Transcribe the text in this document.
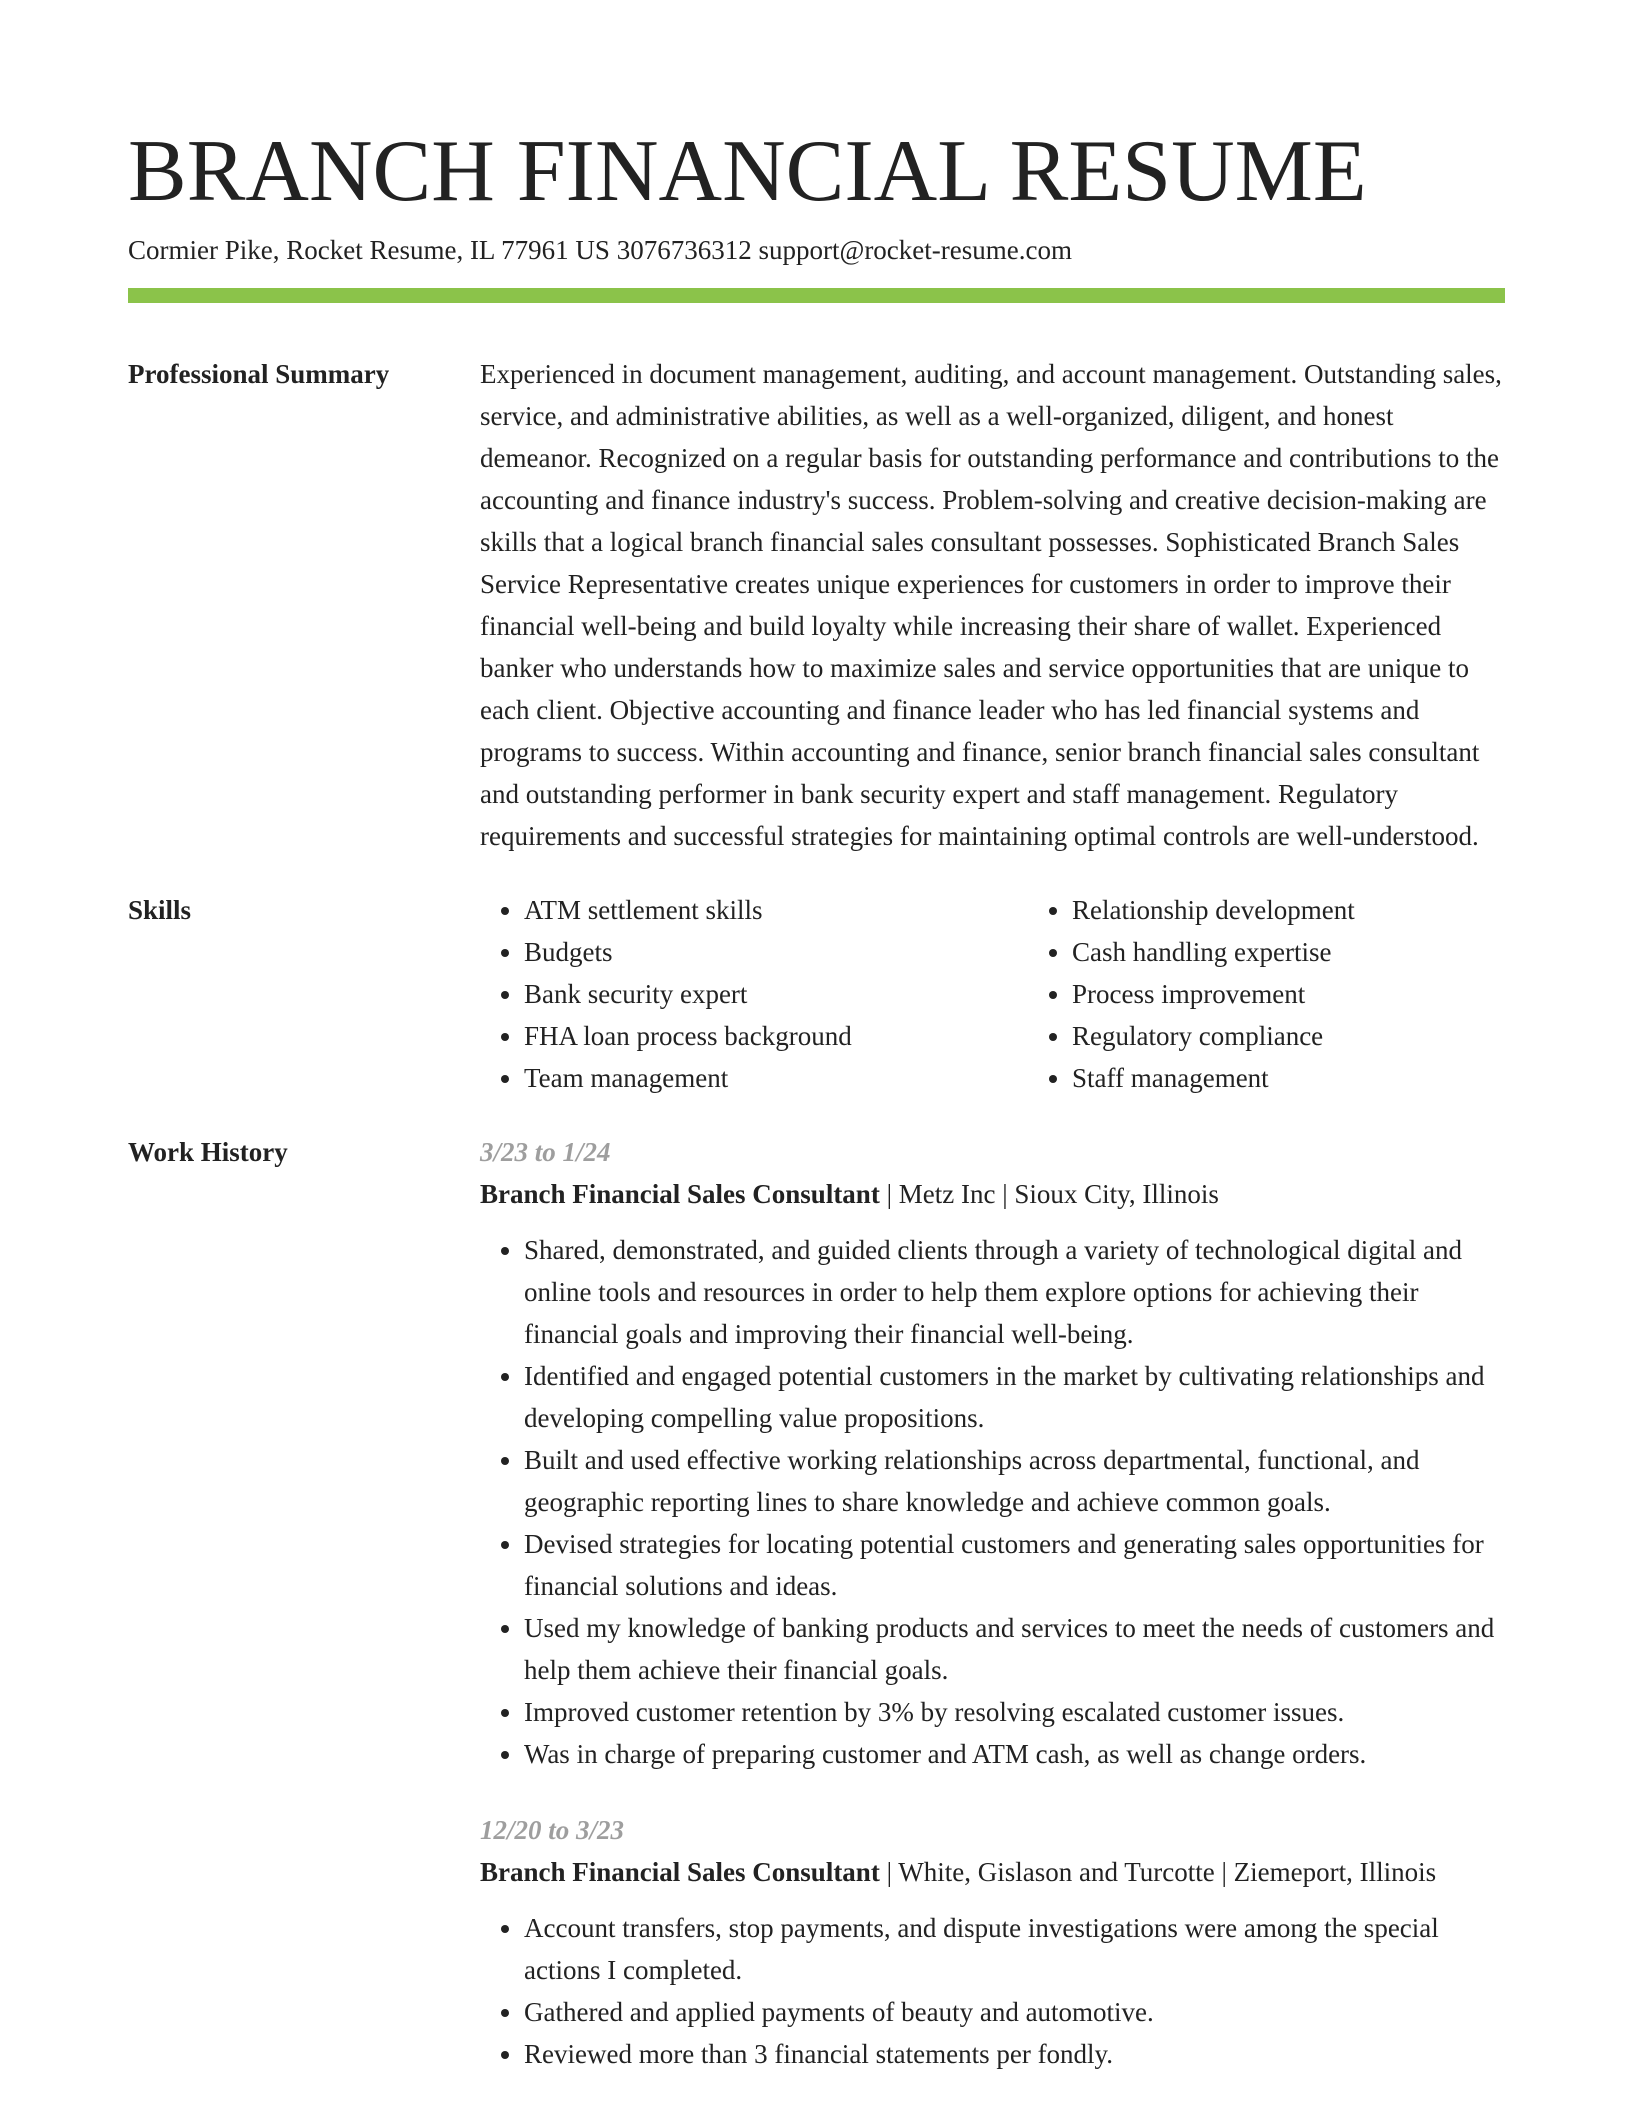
BRANCH FINANCIAL RESUME
Cormier Pike, Rocket Resume, IL 77961 US 3076736312 support@rocket-resume.com
Professional Summary	Experienced in document management, auditing, and account management. Outstanding sales, service, and administrative abilities, as well as a well-organized, diligent, and honest demeanor. Recognized on a regular basis for outstanding performance and contributions to the accounting and finance industry's success. Problem-solving and creative decision-making are skills that a logical branch financial sales consultant possesses. Sophisticated Branch Sales Service Representative creates unique experiences for customers in order to improve their financial well-being and build loyalty while increasing their share of wallet. Experienced banker who understands how to maximize sales and service opportunities that are unique to each client. Objective accounting and finance leader who has led financial systems and programs to success. Within accounting and finance, senior branch financial sales consultant and outstanding performer in bank security expert and staff management. Regulatory requirements and successful strategies for maintaining optimal controls are well-understood.

Skills
•	ATM settlement skills
• Budgets
• Bank security expert
• FHA loan process background
• Team management
• Relationship development
• Cash handling expertise
• Process improvement
• Regulatory compliance
• Staff management
Work History	3/23 to 1/24
Branch Financial Sales Consultant | Metz Inc | Sioux City, Illinois
• Shared, demonstrated, and guided clients through a variety of technological digital and online tools and resources in order to help them explore options for achieving their financial goals and improving their financial well-being.
• Identified and engaged potential customers in the market by cultivating relationships and developing compelling value propositions.
• Built and used effective working relationships across departmental, functional, and geographic reporting lines to share knowledge and achieve common goals.
• Devised strategies for locating potential customers and generating sales opportunities for financial solutions and ideas.
• Used my knowledge of banking products and services to meet the needs of customers and help them achieve their financial goals.
• Improved customer retention by 3% by resolving escalated customer issues.
• Was in charge of preparing customer and ATM cash, as well as change orders.
12/20 to 3/23
Branch Financial Sales Consultant | White, Gislason and Turcotte | Ziemeport, Illinois
• Account transfers, stop payments, and dispute investigations were among the special actions I completed.
• Gathered and applied payments of beauty and automotive.
• Reviewed more than 3 financial statements per fondly.
